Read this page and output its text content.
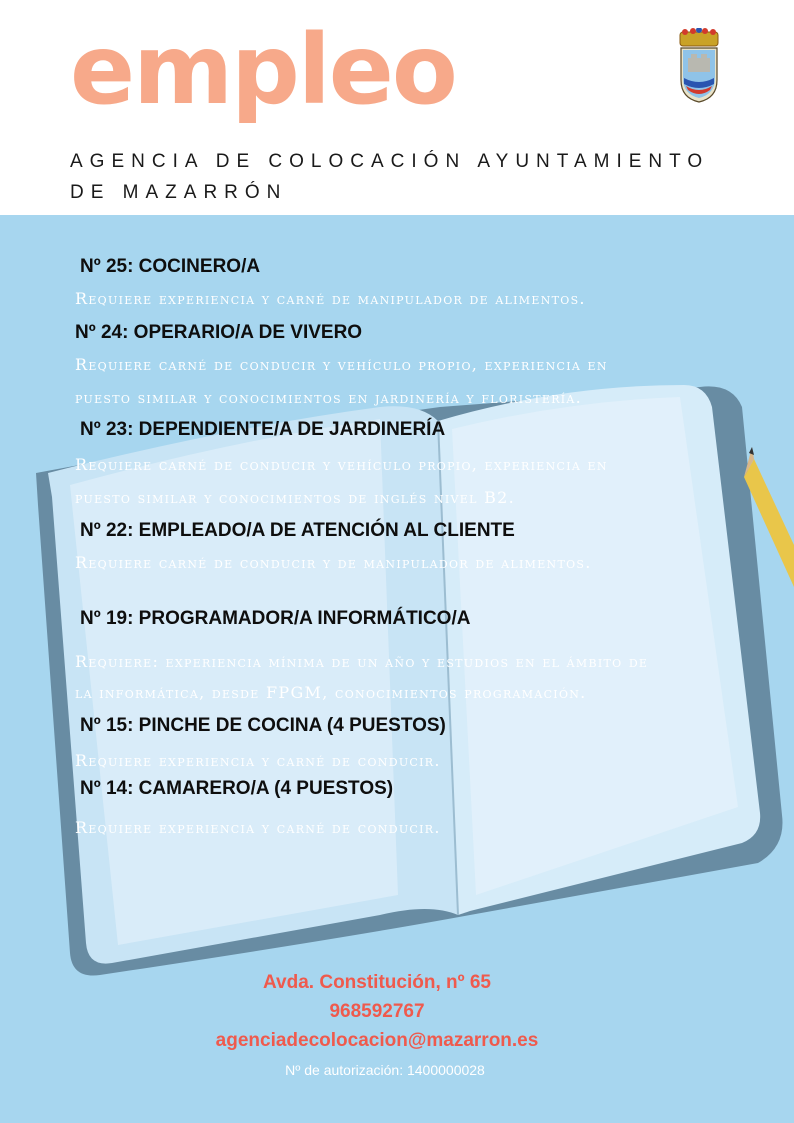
empleo
AGENCIA DE COLOCACIÓN AYUNTAMIENTO DE MAZARRÓN
Nº 25: COCINERO/A
Requiere experiencia y carné de manipulador de alimentos.
Nº 24: OPERARIO/A DE VIVERO
Requiere carné de conducir y vehículo propio, experiencia en
puesto similar y conocimientos en jardinería y floristería.
Nº 23: DEPENDIENTE/A DE JARDINERÍA
Requiere carné de conducir y vehículo propio, experiencia en
puesto similar y conocimientos de inglés nivel B2.
Nº 22: EMPLEADO/A DE ATENCIÓN AL CLIENTE
Requiere carné de conducir y de manipulador de alimentos.
Nº 19: PROGRAMADOR/A INFORMÁTICO/A
Requiere: experiencia mínima de un año y estudios en el ámbito de
la informática, desde FPGM, conocimientos programación.
Nº 15: PINCHE DE COCINA (4 PUESTOS)
Requiere experiencia y carné de conducir.
Nº 14: CAMARERO/A (4 PUESTOS)
Requiere experiencia y carné de conducir.
Avda. Constitución, nº 65
968592767
agenciadecolocacion@mazarron.es
Nº de autorización: 1400000028
